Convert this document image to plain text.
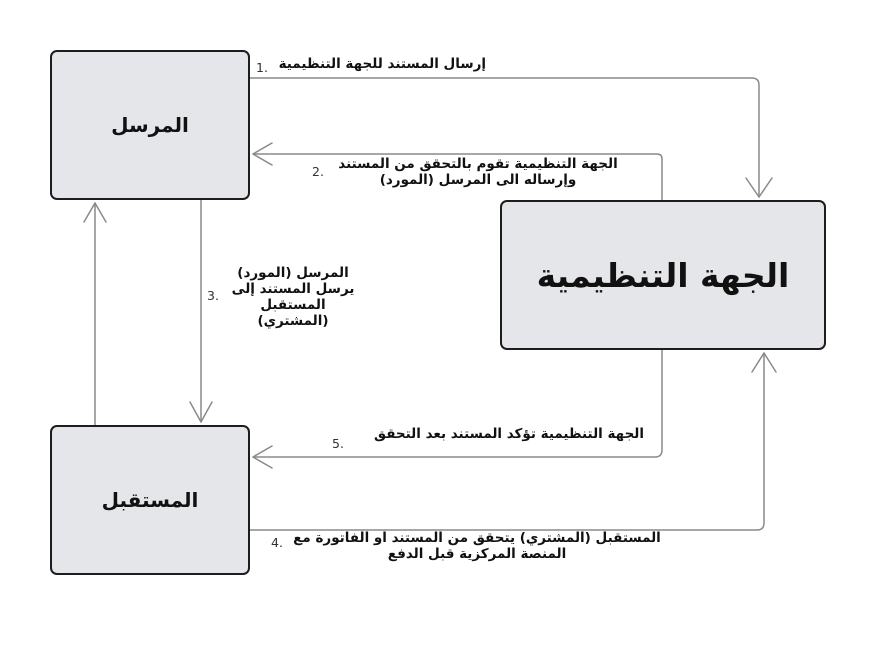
المرسل
المستقبل
الجهة التنظيمية
1. إرسال المستند للجهة التنظيمية
2.	الجهة التنظيمية تقوم بالتحقق من المستند
وإرساله الى المرسل (المورد)
3.
المرسل (المورد)
يرسل المستند إلى
المستقبل
(المشتري)
5.
الجهة التنظيمية تؤكد المستند بعد التحقق
4. المستقبل (المشتري) يتحقق من المستند او الفاتورة مع
المنصة المركزية قبل الدفع
